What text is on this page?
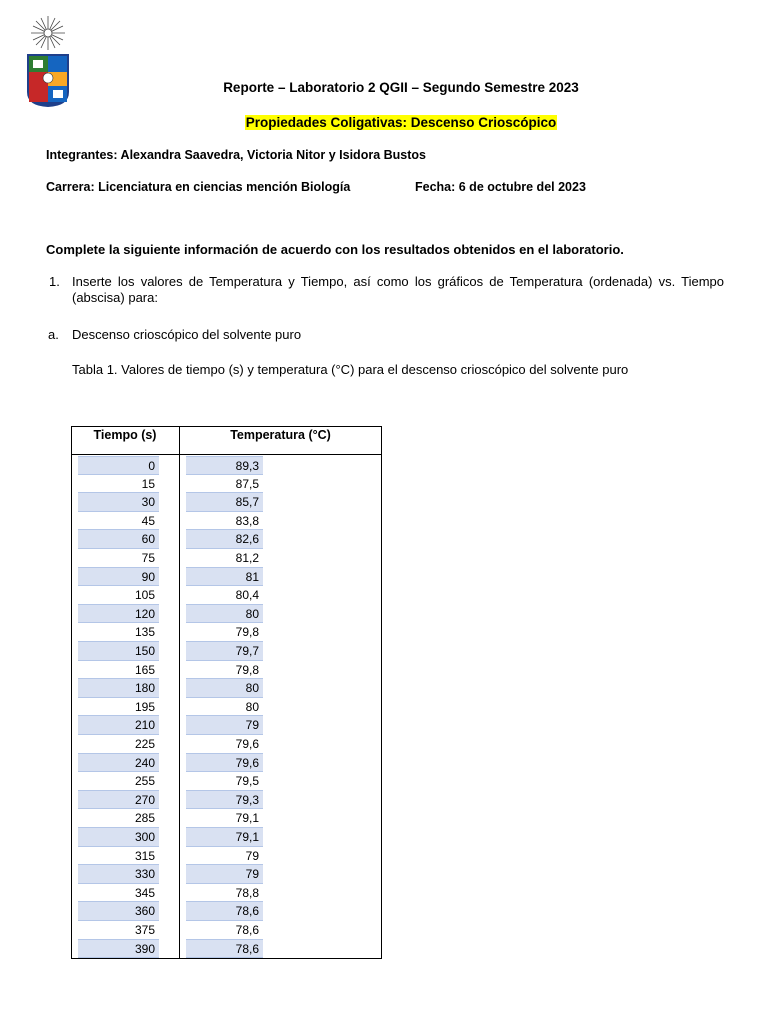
Reporte – Laboratorio 2 QGII – Segundo Semestre 2023
Propiedades Coligativas: Descenso Crioscópico
Integrantes: Alexandra Saavedra, Victoria Nitor y Isidora Bustos
Carrera: Licenciatura en ciencias mención Biología	Fecha: 6 de octubre del 2023
Complete la siguiente información de acuerdo con los resultados obtenidos en el laboratorio.
1. Inserte los valores de Temperatura y Tiempo, así como los gráficos de Temperatura (ordenada) vs. Tiempo (abscisa) para:
a. Descenso crioscópico del solvente puro
Tabla 1. Valores de tiempo (s) y temperatura (°C) para el descenso crioscópico del solvente puro
Tiempo (s)	Temperatura (°C)
0	89,3
15	87,5
30	85,7
45	83,8
60	82,6
75	81,2
90	81
105	80,4
120	80
135	79,8
150	79,7
165	79,8
180	80
195	80
210	79
225	79,6
240	79,6
255	79,5
270	79,3
285	79,1
300	79,1
315	79
330	79
345	78,8
360	78,6
375	78,6
390	78,6
